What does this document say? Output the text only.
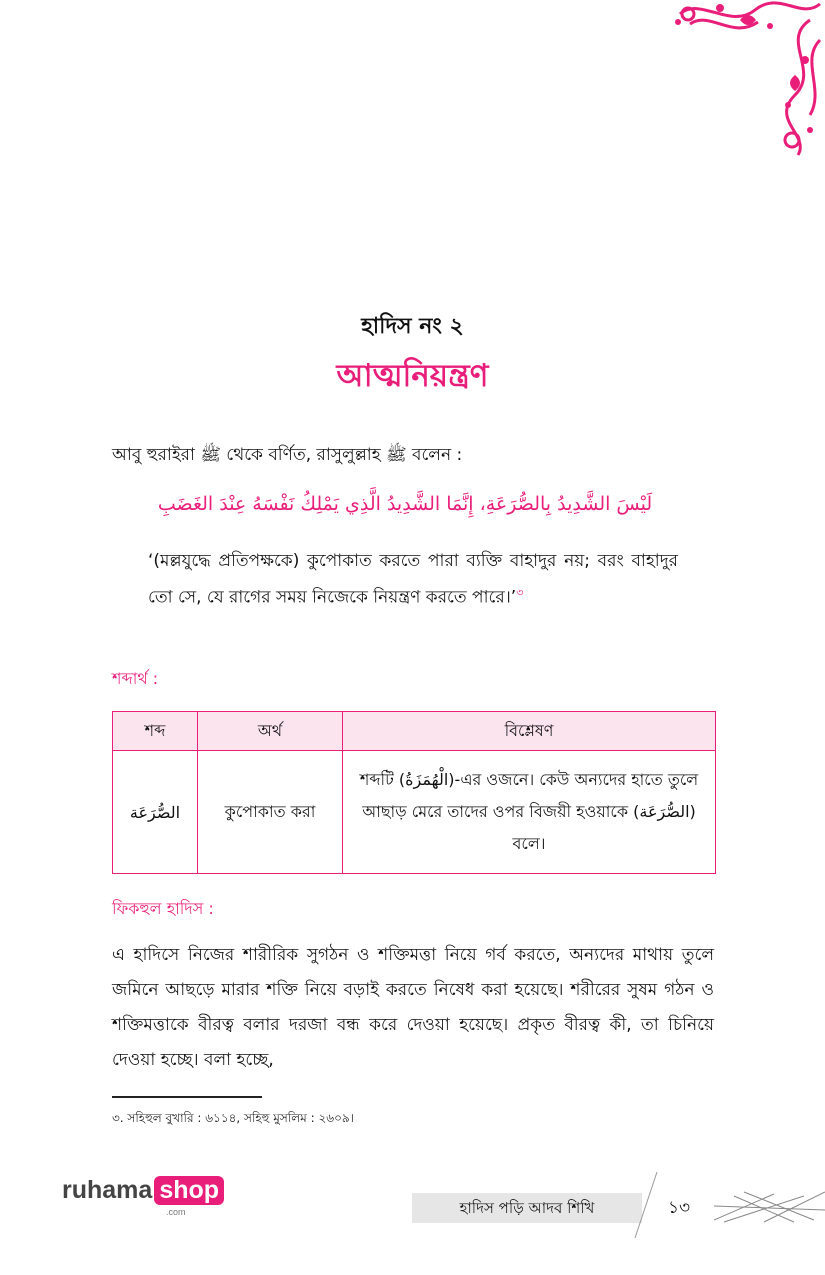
হাদিস নং ২
আত্মনিয়ন্ত্রণ
আবু হুরাইরা ﷺ থেকে বর্ণিত, রাসুলুল্লাহ ﷺ বলেন :
لَيْسَ الشَّدِيدُ بِالصُّرَعَةِ، إِنَّمَا الشَّدِيدُ الَّذِي يَمْلِكُ نَفْسَهُ عِنْدَ الغَضَبِ
‘(মল্লযুদ্ধে প্রতিপক্ষকে) কুপোকাত করতে পারা ব্যক্তি বাহাদুর নয়; বরং বাহাদুর তো সে, যে রাগের সময় নিজেকে নিয়ন্ত্রণ করতে পারে।’$^৩$
শব্দার্থ :
শব্দ	অর্থ	বিশ্লেষণ
الصُّرَعَة	কুপোকাত করা	শব্দটি (الْهُمَزَةُ)-এর ওজনে। কেউ অন্যদের হাতে তুলে আছাড় মেরে তাদের ওপর বিজয়ী হওয়াকে (الصُّرَعَة) বলে।
ফিকহুল হাদিস :
এ হাদিসে নিজের শারীরিক সুগঠন ও শক্তিমত্তা নিয়ে গর্ব করতে, অন্যদের মাথায় তুলে জমিনে আছড়ে মারার শক্তি নিয়ে বড়াই করতে নিষেধ করা হয়েছে। শরীরের সুষম গঠন ও শক্তিমত্তাকে বীরত্ব বলার দরজা বন্ধ করে দেওয়া হয়েছে। প্রকৃত বীরত্ব কী, তা চিনিয়ে দেওয়া হচ্ছে। বলা হচ্ছে,
৩. সহিহুল বুখারি : ৬১১৪, সহিহু মুসলিম : ২৬০৯।
ruhama shop
.com	হাদিস পড়ি আদব শিখি	১৩
